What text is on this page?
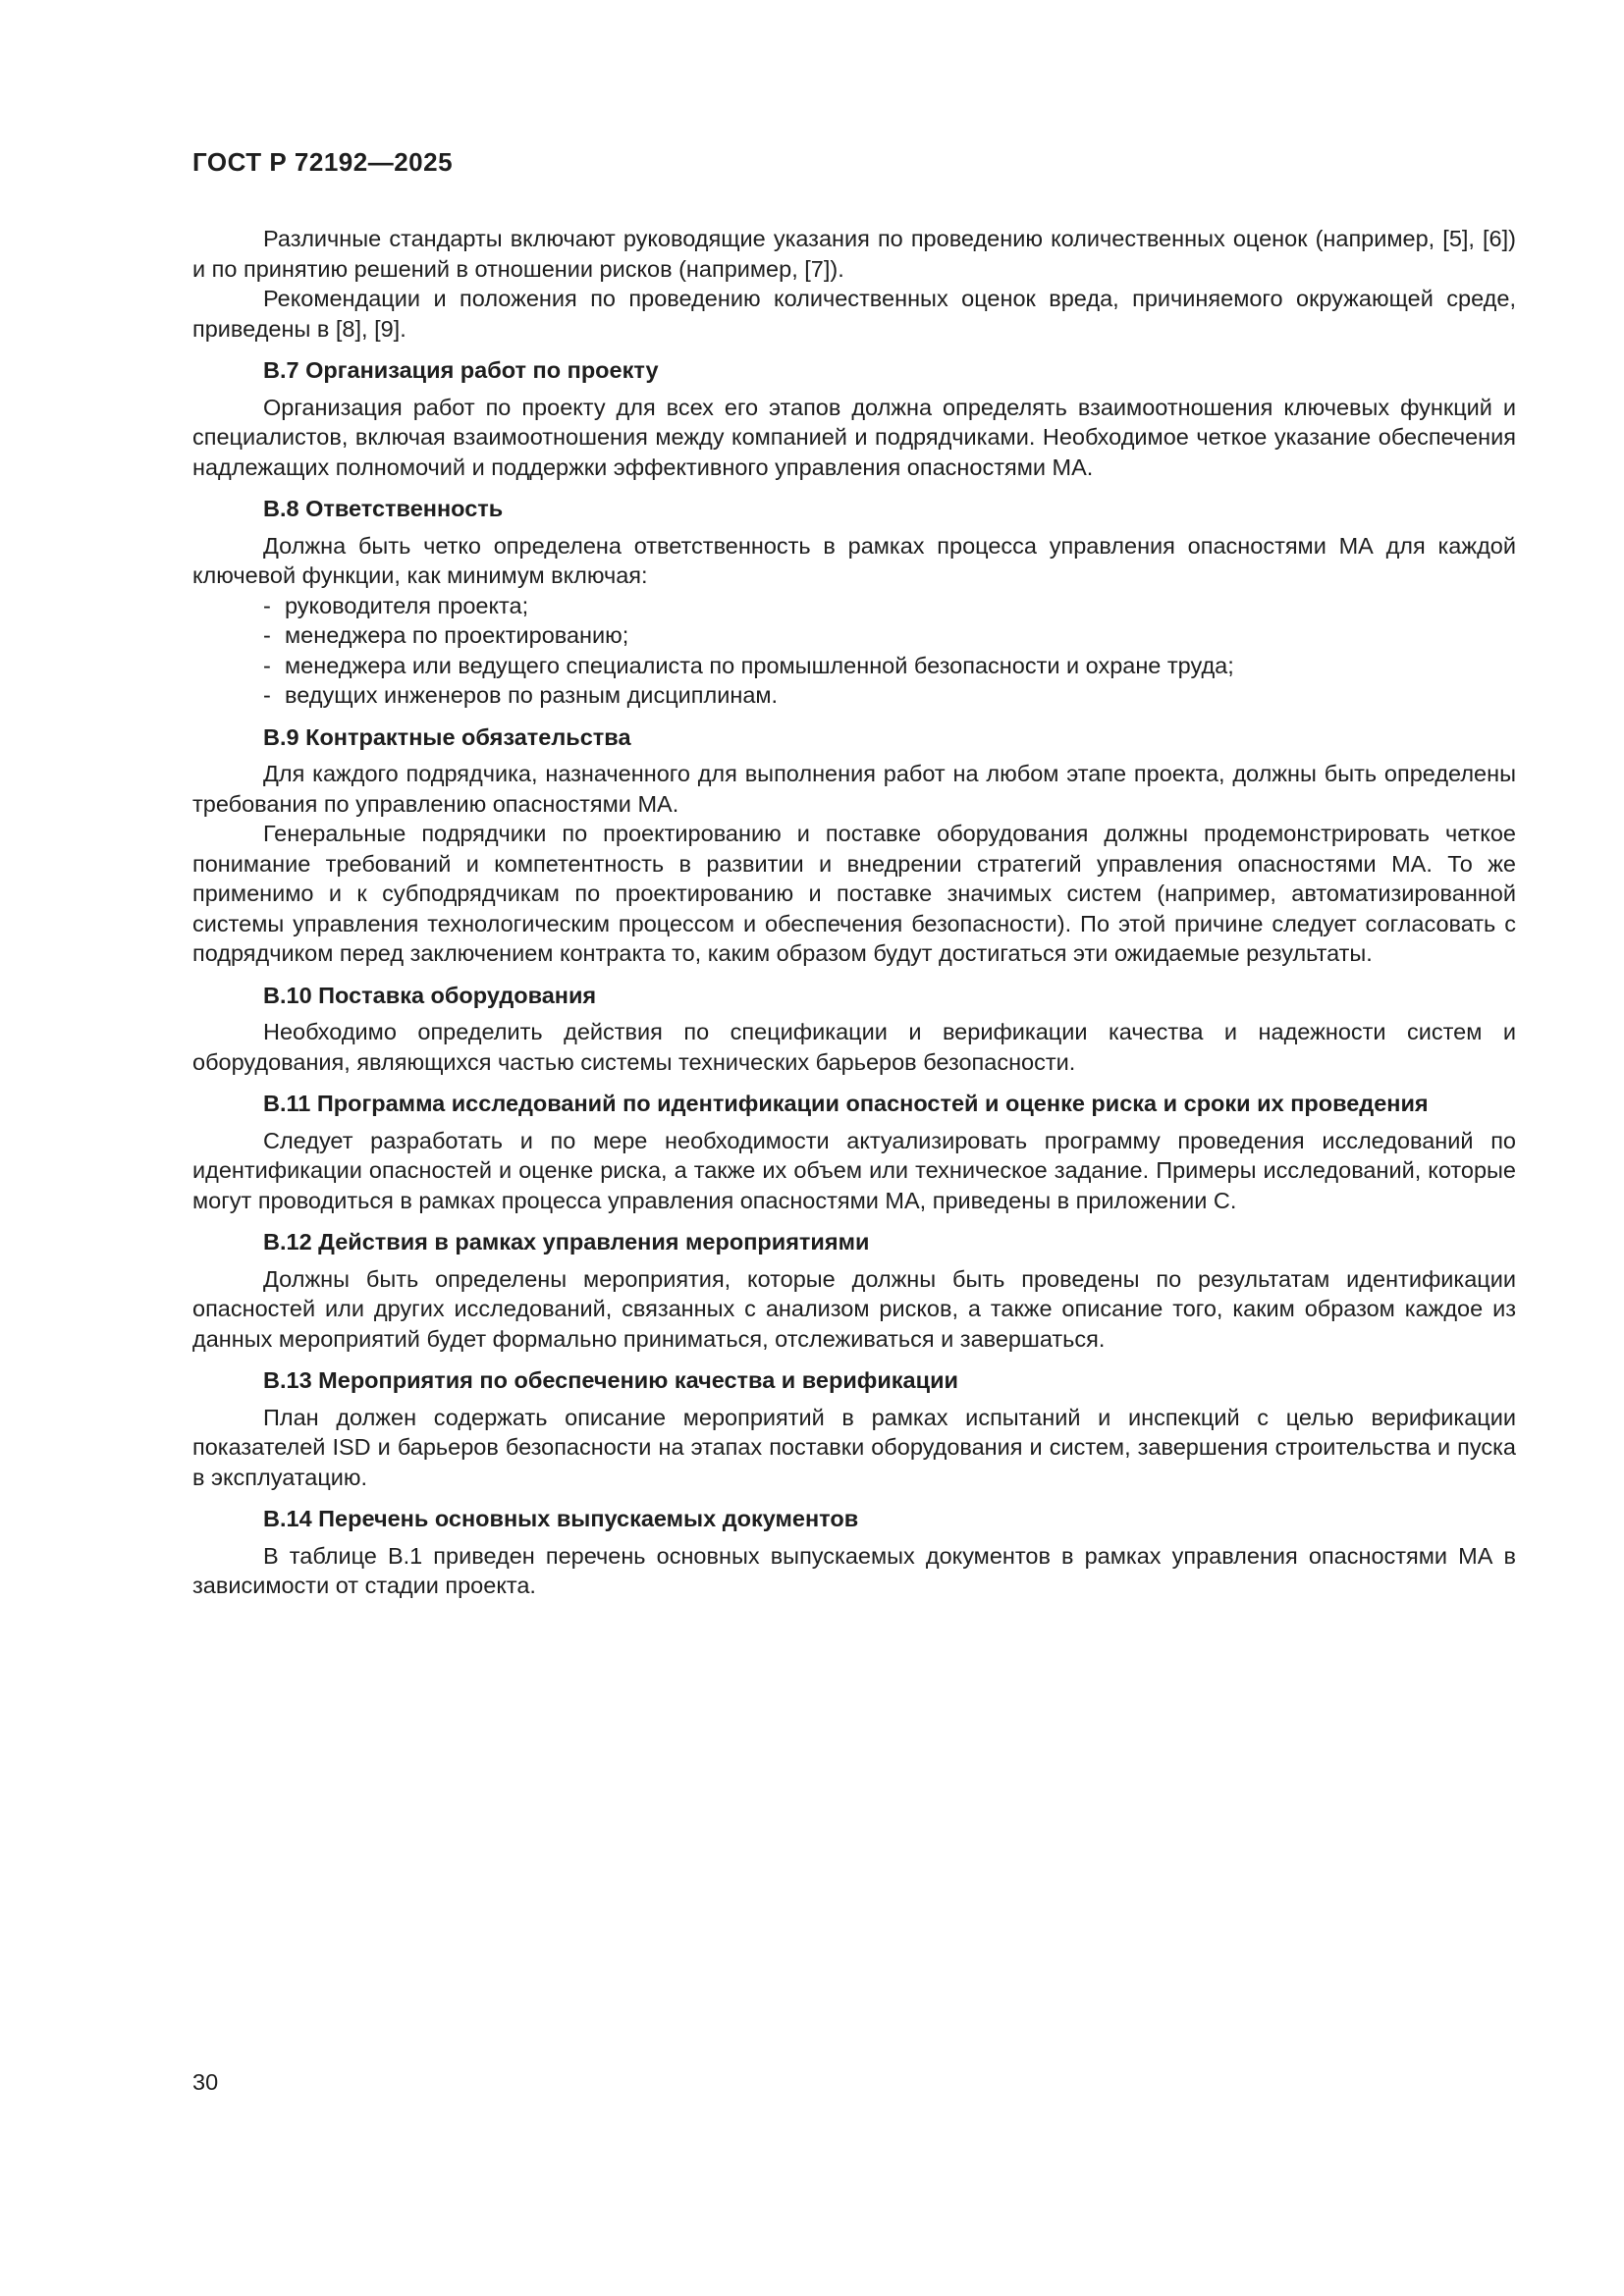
ГОСТ Р 72192—2025

Различные стандарты включают руководящие указания по проведению количественных оценок (например, [5], [6]) и по принятию решений в отношении рисков (например, [7]).

Рекомендации и положения по проведению количественных оценок вреда, причиняемого окружающей среде, приведены в [8], [9].

В.7 Организация работ по проекту

Организация работ по проекту для всех его этапов должна определять взаимоотношения ключевых функций и специалистов, включая взаимоотношения между компанией и подрядчиками. Необходимое четкое указание обеспечения надлежащих полномочий и поддержки эффективного управления опасностями МА.

В.8 Ответственность

Должна быть четко определена ответственность в рамках процесса управления опасностями МА для каждой ключевой функции, как минимум включая:

- руководителя проекта;
- менеджера по проектированию;
- менеджера или ведущего специалиста по промышленной безопасности и охране труда;
- ведущих инженеров по разным дисциплинам.
В.9 Контрактные обязательства

Для каждого подрядчика, назначенного для выполнения работ на любом этапе проекта, должны быть определены требования по управлению опасностями МА.

Генеральные подрядчики по проектированию и поставке оборудования должны продемонстрировать четкое понимание требований и компетентность в развитии и внедрении стратегий управления опасностями МА. То же применимо и к субподрядчикам по проектированию и поставке значимых систем (например, автоматизированной системы управления технологическим процессом и обеспечения безопасности). По этой причине следует согласовать с подрядчиком перед заключением контракта то, каким образом будут достигаться эти ожидаемые результаты.

В.10 Поставка оборудования

Необходимо определить действия по спецификации и верификации качества и надежности систем и оборудования, являющихся частью системы технических барьеров безопасности.

В.11 Программа исследований по идентификации опасностей и оценке риска и сроки их проведения

Следует разработать и по мере необходимости актуализировать программу проведения исследований по идентификации опасностей и оценке риска, а также их объем или техническое задание. Примеры исследований, которые могут проводиться в рамках процесса управления опасностями МА, приведены в приложении С.

В.12 Действия в рамках управления мероприятиями

Должны быть определены мероприятия, которые должны быть проведены по результатам идентификации опасностей или других исследований, связанных с анализом рисков, а также описание того, каким образом каждое из данных мероприятий будет формально приниматься, отслеживаться и завершаться.

В.13 Мероприятия по обеспечению качества и верификации

План должен содержать описание мероприятий в рамках испытаний и инспекций с целью верификации показателей ISD и барьеров безопасности на этапах поставки оборудования и систем, завершения строительства и пуска в эксплуатацию.

В.14 Перечень основных выпускаемых документов

В таблице В.1 приведен перечень основных выпускаемых документов в рамках управления опасностями МА в зависимости от стадии проекта.

30
